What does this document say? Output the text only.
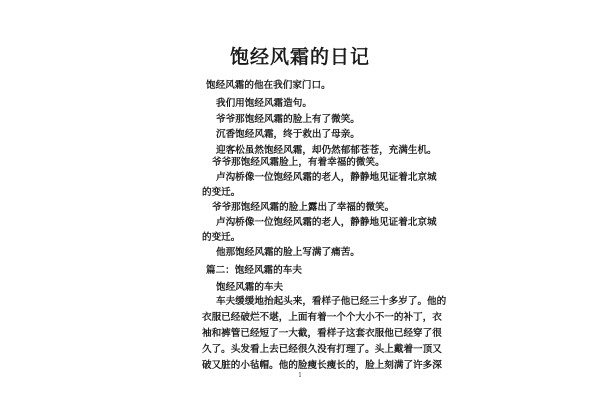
饱经风霜的日记
饱经风霜的他在我们家门口。
我们用饱经风霜造句。
爷爷那饱经风霜的脸上有了微笑。
沉香饱经风霜，终于救出了母亲。
迎客松虽然饱经风霜，却仍然郁郁苍苍，充满生机。
爷爷那饱经风霜脸上，有着幸福的微笑。
卢沟桥像一位饱经风霜的老人，静静地见证着北京城
的变迁。
爷爷那饱经风霜的脸上露出了幸福的微笑。
卢沟桥像一位饱经风霜的老人，静静地见证着北京城
的变迁。
他那饱经风霜的脸上写满了痛苦。
篇二：饱经风霜的车夫
饱经风霜的车夫
车夫缓缓地抬起头来，看样子他已经三十多岁了。他的
衣服已经破烂不堪，上面有着一个个大小不一的补丁，衣
袖和裤管已经短了一大截，看样子这套衣服他已经穿了很
久了。头发看上去已经很久没有打理了。头上戴着一顶又
破又脏的小毡帽。他的脸瘦长瘦长的，脸上刻满了许多深
1
